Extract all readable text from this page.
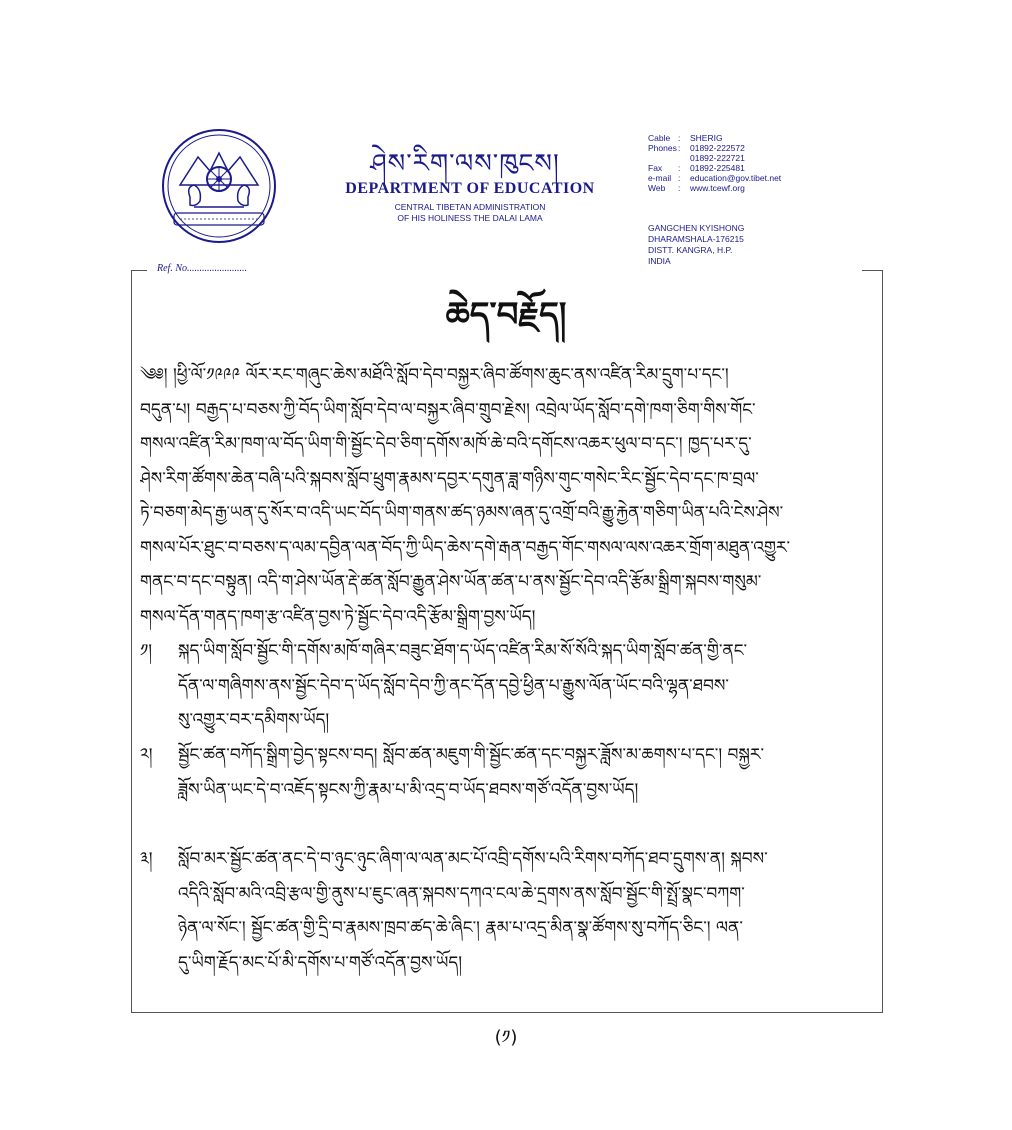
ཤེས་རིག་ལས་ཁུངས།
DEPARTMENT OF EDUCATION
CENTRAL TIBETAN ADMINISTRATION
OF HIS HOLINESS THE DALAI LAMA
Cable :	SHERIG
Phones :	01892-222572
01892-222721
Fax	:	01892-225481
e-mail :	education@gov.tibet.net
Web	:	www.tcewf.org
GANGCHEN KYISHONG
DHARAMSHALA-176215
DISTT. KANGRA, H.P.
INDIA
Ref. No........................
ཆེད་བརྗོད།
༄༅། །ཕྱི་ལོ་༡༩༩༩ ལོར་རང་གཞུང་ཆེས་མཐོའི་སློབ་དེབ་བསྐྱར་ཞིབ་ཚོགས་ཆུང་ནས་འཛིན་རིམ་དྲུག་པ་དང་།
བདུན་པ། བརྒྱད་པ་བཅས་ཀྱི་བོད་ཡིག་སློབ་དེབ་ལ་བསྐྱར་ཞིབ་གྲུབ་རྗེས། འབྲེལ་ཡོད་སློབ་དགེ་ཁག་ཅིག་གིས་གོང་
གསལ་འཛིན་རིམ་ཁག་ལ་བོད་ཡིག་གི་སྦྱོང་དེབ་ཅིག་དགོས་མཁོ་ཆེ་བའི་དགོངས་འཆར་ཕུལ་བ་དང་། ཁྱད་པར་དུ་
ཤེས་རིག་ཚོགས་ཆེན་བཞི་པའི་སྐབས་སློབ་ཕྲུག་རྣམས་དབྱར་དགུན་ཟླ་གཉིས་གུང་གསེང་རིང་སྦྱོང་དེབ་དང་ཁ་བྲལ་
ཏེ་བཅག་མེད་རྒྱ་ཡན་དུ་སོར་བ་འདི་ཡང་བོད་ཡིག་གནས་ཚད་ཉམས་ཞན་དུ་འགྲོ་བའི་རྒྱུ་རྐྱེན་གཅིག་ཡིན་པའི་ངེས་ཤེས་
གསལ་པོར་ཐུང་བ་བཅས་ད་ལམ་དབྱིན་ལན་བོད་ཀྱི་ཡིད་ཆེས་དགེ་རྒན་བརྒྱད་གོང་གསལ་ལས་འཆར་གྲོག་མཐུན་འགྱུར་
གནང་བ་དང་བསྟུན། འདི་ག་ཤེས་ཡོན་རྡེ་ཚན་སློབ་རྒྱུན་ཤེས་ཡོན་ཚན་པ་ནས་སྦྱོང་དེབ་འདི་རྩོམ་སྒྲིག་སྐབས་གསུམ་
གསལ་དོན་གནད་ཁག་རྩ་འཛིན་བྱས་ཏེ་སྦྱོང་དེབ་འདི་རྩོམ་སྒྲིག་བྱས་ཡོད།
༡།	སྐད་ཡིག་སློབ་སྦྱོང་གི་དགོས་མཁོ་གཞིར་བཟུང་ཐོག་ད་ཡོད་འཛིན་རིམ་སོ་སོའི་སྐད་ཡིག་སློབ་ཚན་གྱི་ནང་
དོན་ལ་གཞིགས་ནས་སྦྱོང་དེབ་ད་ཡོད་སློབ་དེབ་ཀྱི་ནང་དོན་དབྱེ་ཕྱིན་པ་རྒྱུས་ལོན་ཡོང་བའི་ལྷན་ཐབས་
སུ་འགྱུར་བར་དམིགས་ཡོད།
༢།	སྦྱོང་ཚན་བཀོད་སྒྲིག་བྱེད་སྟངས་བད། སློབ་ཚན་མཇུག་གི་སྦྱོང་ཚན་དང་བསྐྱར་ཟློས་མ་ཆགས་པ་དང་། བསྐྱར་
ཟློས་ཡིན་ཡང་དེ་བ་འཇོད་སྟངས་ཀྱི་རྣམ་པ་མི་འདྲ་བ་ཡོད་ཐབས་གཙོ་འདོན་བྱས་ཡོད།
༣།	སློབ་མར་སྦྱོང་ཚན་ནང་དེ་བ་ཉུང་ཉུང་ཞིག་ལ་ལན་མང་པོ་འབྲི་དགོས་པའི་རིགས་བཀོད་ཐབ་དྲུགས་ན། སྐབས་
འདིའི་སློབ་མའི་འབྲི་རྩལ་གྱི་ནུས་པ་ཇུང་ཞན་སྐབས་དཀའ་ངལ་ཆེ་དྲགས་ནས་སློབ་སྦྱོང་གི་སྤྲོ་སྣང་བཀག་
ཉེན་ལ་སོང་། སྦྱོང་ཚན་གྱི་དྲི་བ་རྣམས་ཁྲབ་ཚད་ཆེ་ཞིང་། རྣམ་པ་འདྲ་མིན་སྣ་ཚོགས་སུ་བཀོད་ཅིང་། ལན་
དུ་ཡིག་རྗོད་མང་པོ་མི་དགོས་པ་གཙོ་འདོན་བྱས་ཡོད།
(༡)
